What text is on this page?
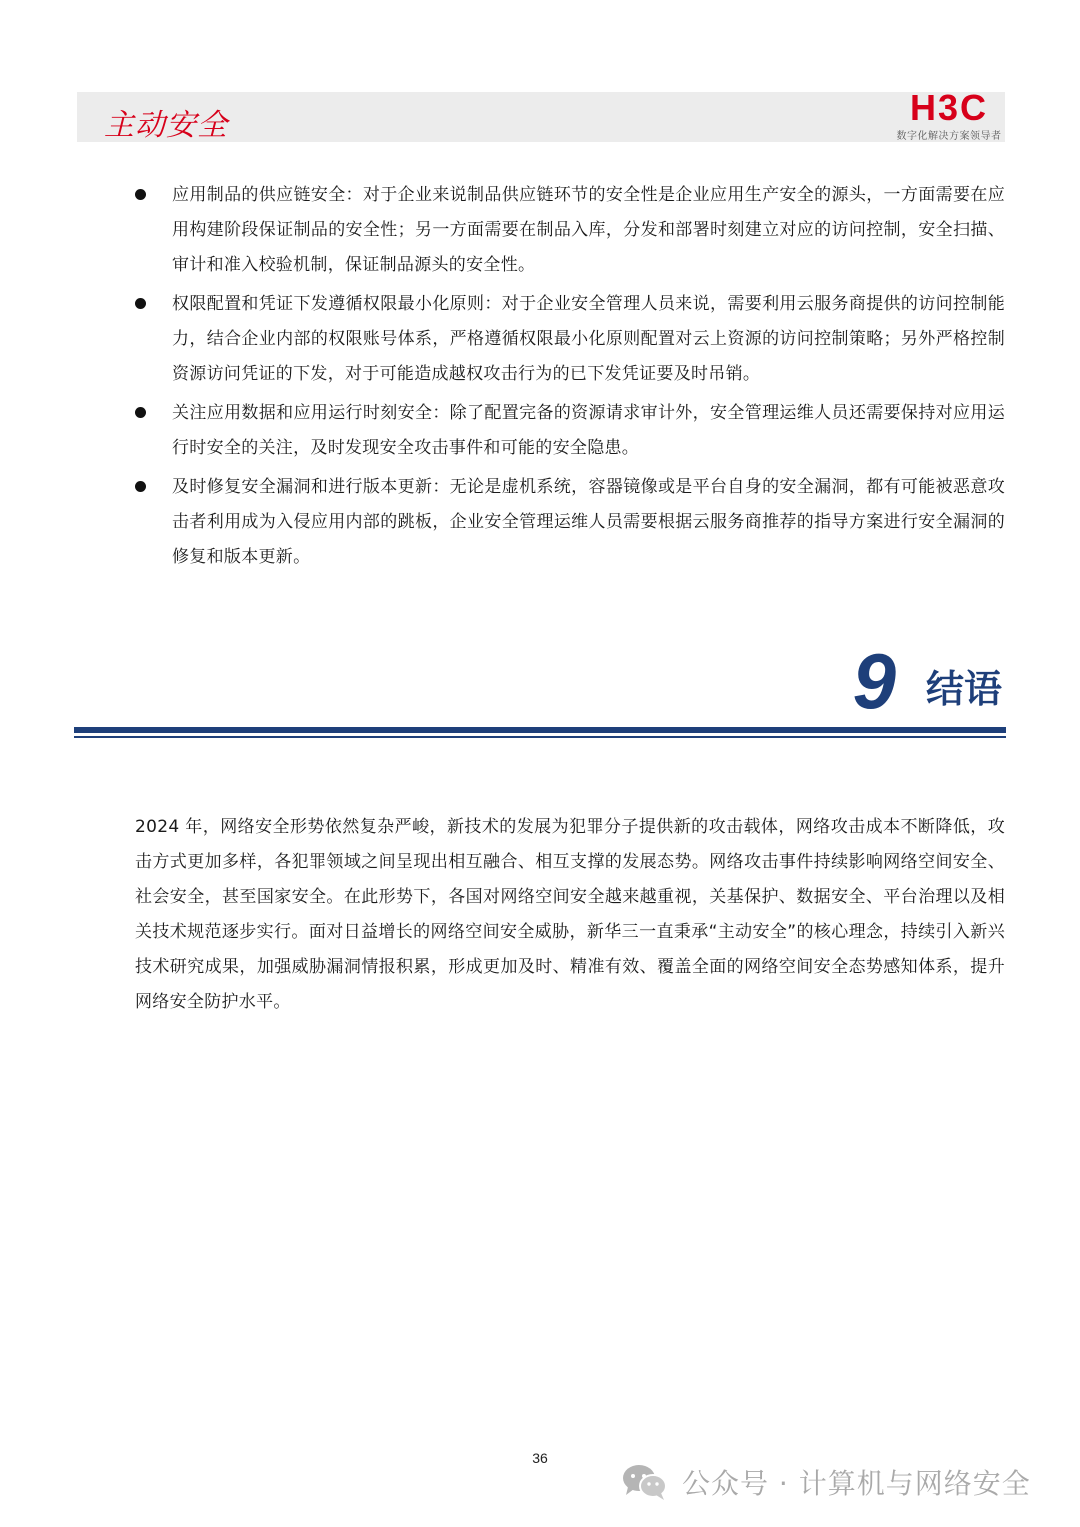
主动安全	H3C
数字化解决方案领导者
应用制品的供应链安全：对于企业来说制品供应链环节的安全性是企业应用生产安全的源头，一方面需要在应用构建阶段保证制品的安全性；另一方面需要在制品入库，分发和部署时刻建立对应的访问控制，安全扫描、审计和准入校验机制，保证制品源头的安全性。
权限配置和凭证下发遵循权限最小化原则：对于企业安全管理人员来说，需要利用云服务商提供的访问控制能力，结合企业内部的权限账号体系，严格遵循权限最小化原则配置对云上资源的访问控制策略；另外严格控制资源访问凭证的下发，对于可能造成越权攻击行为的已下发凭证要及时吊销。
关注应用数据和应用运行时刻安全：除了配置完备的资源请求审计外，安全管理运维人员还需要保持对应用运行时安全的关注，及时发现安全攻击事件和可能的安全隐患。
及时修复安全漏洞和进行版本更新：无论是虚机系统，容器镜像或是平台自身的安全漏洞，都有可能被恶意攻击者利用成为入侵应用内部的跳板，企业安全管理运维人员需要根据云服务商推荐的指导方案进行安全漏洞的修复和版本更新。
9 结语

2024 年，网络安全形势依然复杂严峻，新技术的发展为犯罪分子提供新的攻击载体，网络攻击成本不断降低，攻击方式更加多样，各犯罪领域之间呈现出相互融合、相互支撑的发展态势。网络攻击事件持续影响网络空间安全、社会安全，甚至国家安全。在此形势下，各国对网络空间安全越来越重视，关基保护、数据安全、平台治理以及相关技术规范逐步实行。面对日益增长的网络空间安全威胁，新华三一直秉承“主动安全”的核心理念，持续引入新兴技术研究成果，加强威胁漏洞情报积累，形成更加及时、精准有效、覆盖全面的网络空间安全态势感知体系，提升网络安全防护水平。

36
公众号 · 计算机与网络安全
